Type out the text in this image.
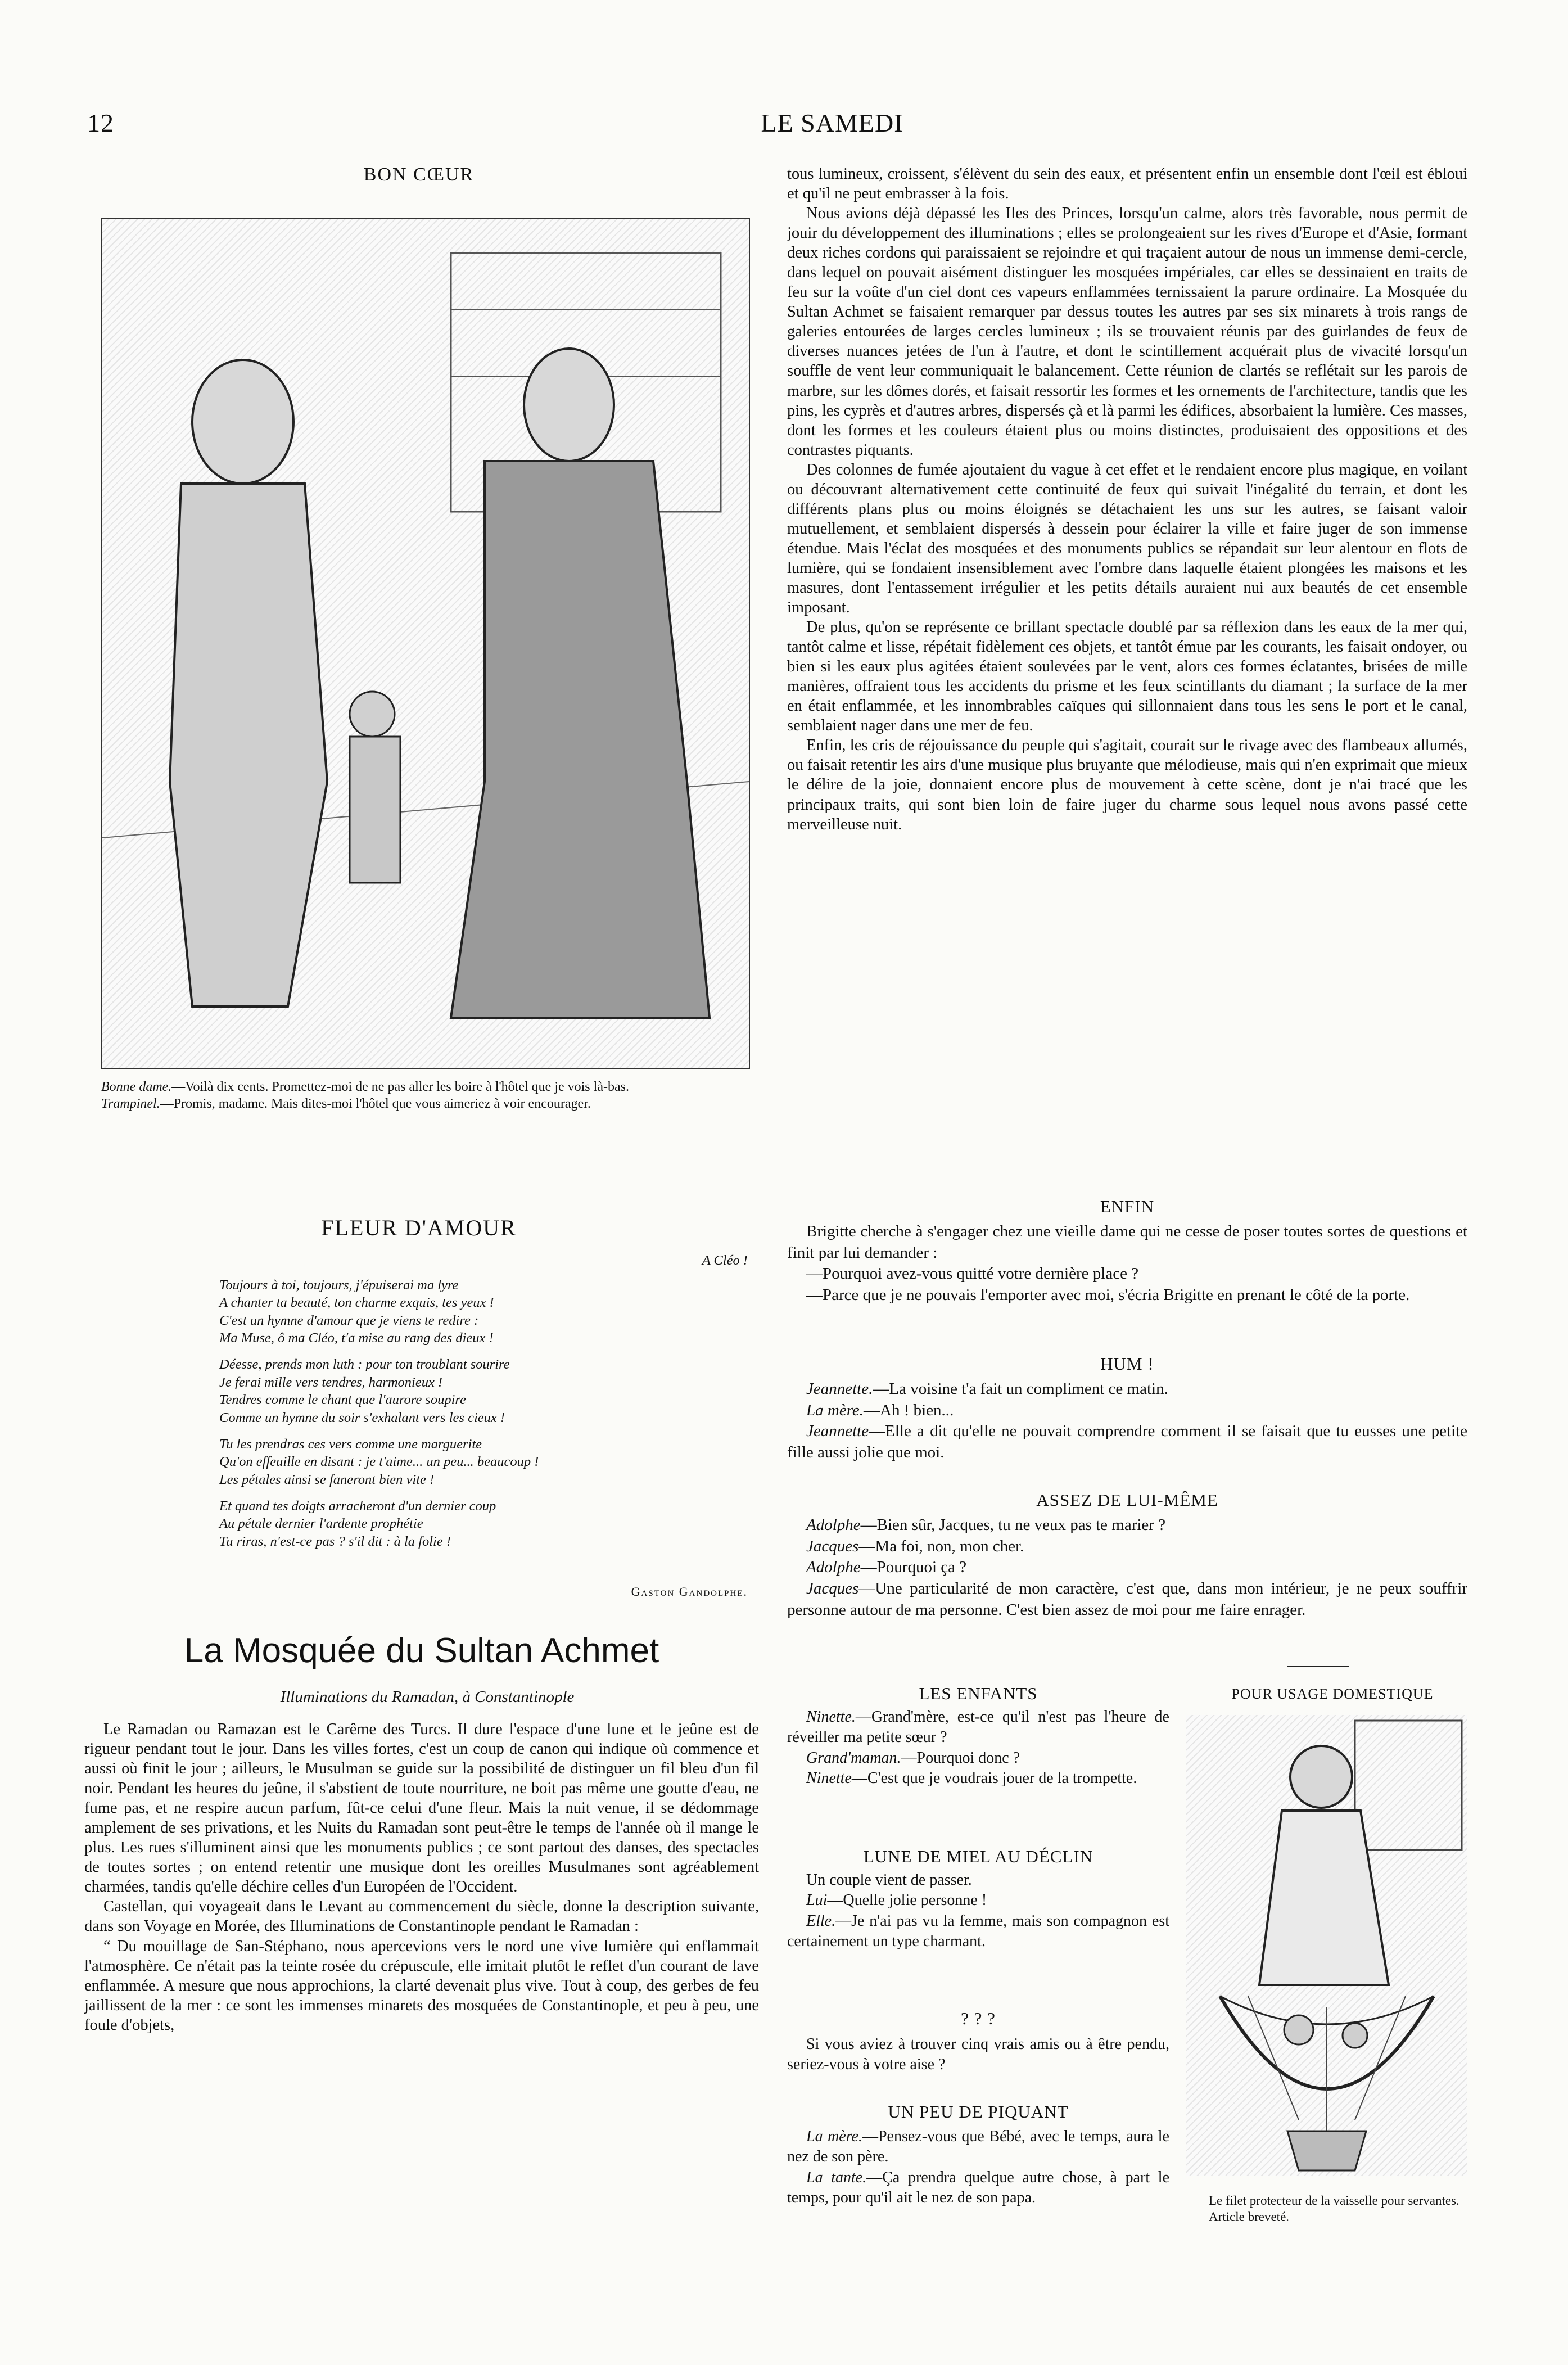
12	LE SAMEDI
BON CŒUR

Bonne dame.—Voilà dix cents. Promettez-moi de ne pas aller les boire à l'hôtel que je vois là-bas.

Trampinel.—Promis, madame. Mais dites-moi l'hôtel que vous aimeriez à voir encourager.

FLEUR D'AMOUR
A Cléo !
Toujours à toi, toujours, j'épuiserai ma lyre
A chanter ta beauté, ton charme exquis, tes yeux !
C'est un hymne d'amour que je viens te redire :
Ma Muse, ô ma Cléo, t'a mise au rang des dieux !
Déesse, prends mon luth : pour ton troublant sourire
Je ferai mille vers tendres, harmonieux !
Tendres comme le chant que l'aurore soupire
Comme un hymne du soir s'exhalant vers les cieux !
Tu les prendras ces vers comme une marguerite
Qu'on effeuille en disant : je t'aime... un peu... beaucoup !
Les pétales ainsi se faneront bien vite !
Et quand tes doigts arracheront d'un dernier coup
Au pétale dernier l'ardente prophétie
Tu riras, n'est-ce pas ? s'il dit : à la folie !
Gaston Gandolphe.
La Mosquée du Sultan Achmet
Illuminations du Ramadan, à Constantinople

Le Ramadan ou Ramazan est le Carême des Turcs. Il dure l'espace d'une lune et le jeûne est de rigueur pendant tout le jour. Dans les villes fortes, c'est un coup de canon qui indique où commence et aussi où finit le jour ; ailleurs, le Musulman se guide sur la possibilité de distinguer un fil bleu d'un fil noir. Pendant les heures du jeûne, il s'abstient de toute nourriture, ne boit pas même une goutte d'eau, ne fume pas, et ne respire aucun parfum, fût-ce celui d'une fleur. Mais la nuit venue, il se dédommage amplement de ses privations, et les Nuits du Ramadan sont peut-être le temps de l'année où il mange le plus. Les rues s'illuminent ainsi que les monuments publics ; ce sont partout des danses, des spectacles de toutes sortes ; on entend retentir une musique dont les oreilles Musulmanes sont agréablement charmées, tandis qu'elle déchire celles d'un Européen de l'Occident.

Castellan, qui voyageait dans le Levant au commencement du siècle, donne la description suivante, dans son Voyage en Morée, des Illuminations de Constantinople pendant le Ramadan :

“ Du mouillage de San-Stéphano, nous apercevions vers le nord une vive lumière qui enflammait l'atmosphère. Ce n'était pas la teinte rosée du crépuscule, elle imitait plutôt le reflet d'un courant de lave enflammée. A mesure que nous approchions, la clarté devenait plus vive. Tout à coup, des gerbes de feu jaillissent de la mer : ce sont les immenses minarets des mosquées de Constantinople, et peu à peu, une foule d'objets,

tous lumineux, croissent, s'élèvent du sein des eaux, et présentent enfin un ensemble dont l'œil est ébloui et qu'il ne peut embrasser à la fois.

Nous avions déjà dépassé les Iles des Princes, lorsqu'un calme, alors très favorable, nous permit de jouir du développement des illuminations ; elles se prolongeaient sur les rives d'Europe et d'Asie, formant deux riches cordons qui paraissaient se rejoindre et qui traçaient autour de nous un immense demi-cercle, dans lequel on pouvait aisément distinguer les mosquées impériales, car elles se dessinaient en traits de feu sur la voûte d'un ciel dont ces vapeurs enflammées ternissaient la parure ordinaire. La Mosquée du Sultan Achmet se faisaient remarquer par dessus toutes les autres par ses six minarets à trois rangs de galeries entourées de larges cercles lumineux ; ils se trouvaient réunis par des guirlandes de feux de diverses nuances jetées de l'un à l'autre, et dont le scintillement acquérait plus de vivacité lorsqu'un souffle de vent leur communiquait le balancement. Cette réunion de clartés se reflétait sur les parois de marbre, sur les dômes dorés, et faisait ressortir les formes et les ornements de l'architecture, tandis que les pins, les cyprès et d'autres arbres, dispersés çà et là parmi les édifices, absorbaient la lumière. Ces masses, dont les formes et les couleurs étaient plus ou moins distinctes, produisaient des oppositions et des contrastes piquants.

Des colonnes de fumée ajoutaient du vague à cet effet et le rendaient encore plus magique, en voilant ou découvrant alternativement cette continuité de feux qui suivait l'inégalité du terrain, et dont les différents plans plus ou moins éloignés se détachaient les uns sur les autres, se faisant valoir mutuellement, et semblaient dispersés à dessein pour éclairer la ville et faire juger de son immense étendue. Mais l'éclat des mosquées et des monuments publics se répandait sur leur alentour en flots de lumière, qui se fondaient insensiblement avec l'ombre dans laquelle étaient plongées les maisons et les masures, dont l'entassement irrégulier et les petits détails auraient nui aux beautés de cet ensemble imposant.

De plus, qu'on se représente ce brillant spectacle doublé par sa réflexion dans les eaux de la mer qui, tantôt calme et lisse, répétait fidèlement ces objets, et tantôt émue par les courants, les faisait ondoyer, ou bien si les eaux plus agitées étaient soulevées par le vent, alors ces formes éclatantes, brisées de mille manières, offraient tous les accidents du prisme et les feux scintillants du diamant ; la surface de la mer en était enflammée, et les innombrables caïques qui sillonnaient dans tous les sens le port et le canal, semblaient nager dans une mer de feu.

Enfin, les cris de réjouissance du peuple qui s'agitait, courait sur le rivage avec des flambeaux allumés, ou faisait retentir les airs d'une musique plus bruyante que mélodieuse, mais qui n'en exprimait que mieux le délire de la joie, donnaient encore plus de mouvement à cette scène, dont je n'ai tracé que les principaux traits, qui sont bien loin de faire juger du charme sous lequel nous avons passé cette merveilleuse nuit.

ENFIN

Brigitte cherche à s'engager chez une vieille dame qui ne cesse de poser toutes sortes de questions et finit par lui demander :

—Pourquoi avez-vous quitté votre dernière place ?

—Parce que je ne pouvais l'emporter avec moi, s'écria Brigitte en prenant le côté de la porte.

HUM !

Jeannette.—La voisine t'a fait un compliment ce matin.

La mère.—Ah ! bien...

Jeannette—Elle a dit qu'elle ne pouvait comprendre comment il se faisait que tu eusses une petite fille aussi jolie que moi.

ASSEZ DE LUI-MÊME

Adolphe—Bien sûr, Jacques, tu ne veux pas te marier ?

Jacques—Ma foi, non, mon cher.

Adolphe—Pourquoi ça ?

Jacques—Une particularité de mon caractère, c'est que, dans mon intérieur, je ne peux souffrir personne autour de ma personne. C'est bien assez de moi pour me faire enrager.

LES ENFANTS

Ninette.—Grand'mère, est-ce qu'il n'est pas l'heure de réveiller ma petite sœur ?

Grand'maman.—Pourquoi donc ?

Ninette—C'est que je voudrais jouer de la trompette.

LUNE DE MIEL AU DÉCLIN

Un couple vient de passer.

Lui—Quelle jolie personne !

Elle.—Je n'ai pas vu la femme, mais son compagnon est certainement un type charmant.

? ? ?

Si vous aviez à trouver cinq vrais amis ou à être pendu, seriez-vous à votre aise ?

UN PEU DE PIQUANT

La mère.—Pensez-vous que Bébé, avec le temps, aura le nez de son père.

La tante.—Ça prendra quelque autre chose, à part le temps, pour qu'il ait le nez de son papa.

POUR USAGE DOMESTIQUE

Le filet protecteur de la vaisselle pour servantes. Article breveté.
